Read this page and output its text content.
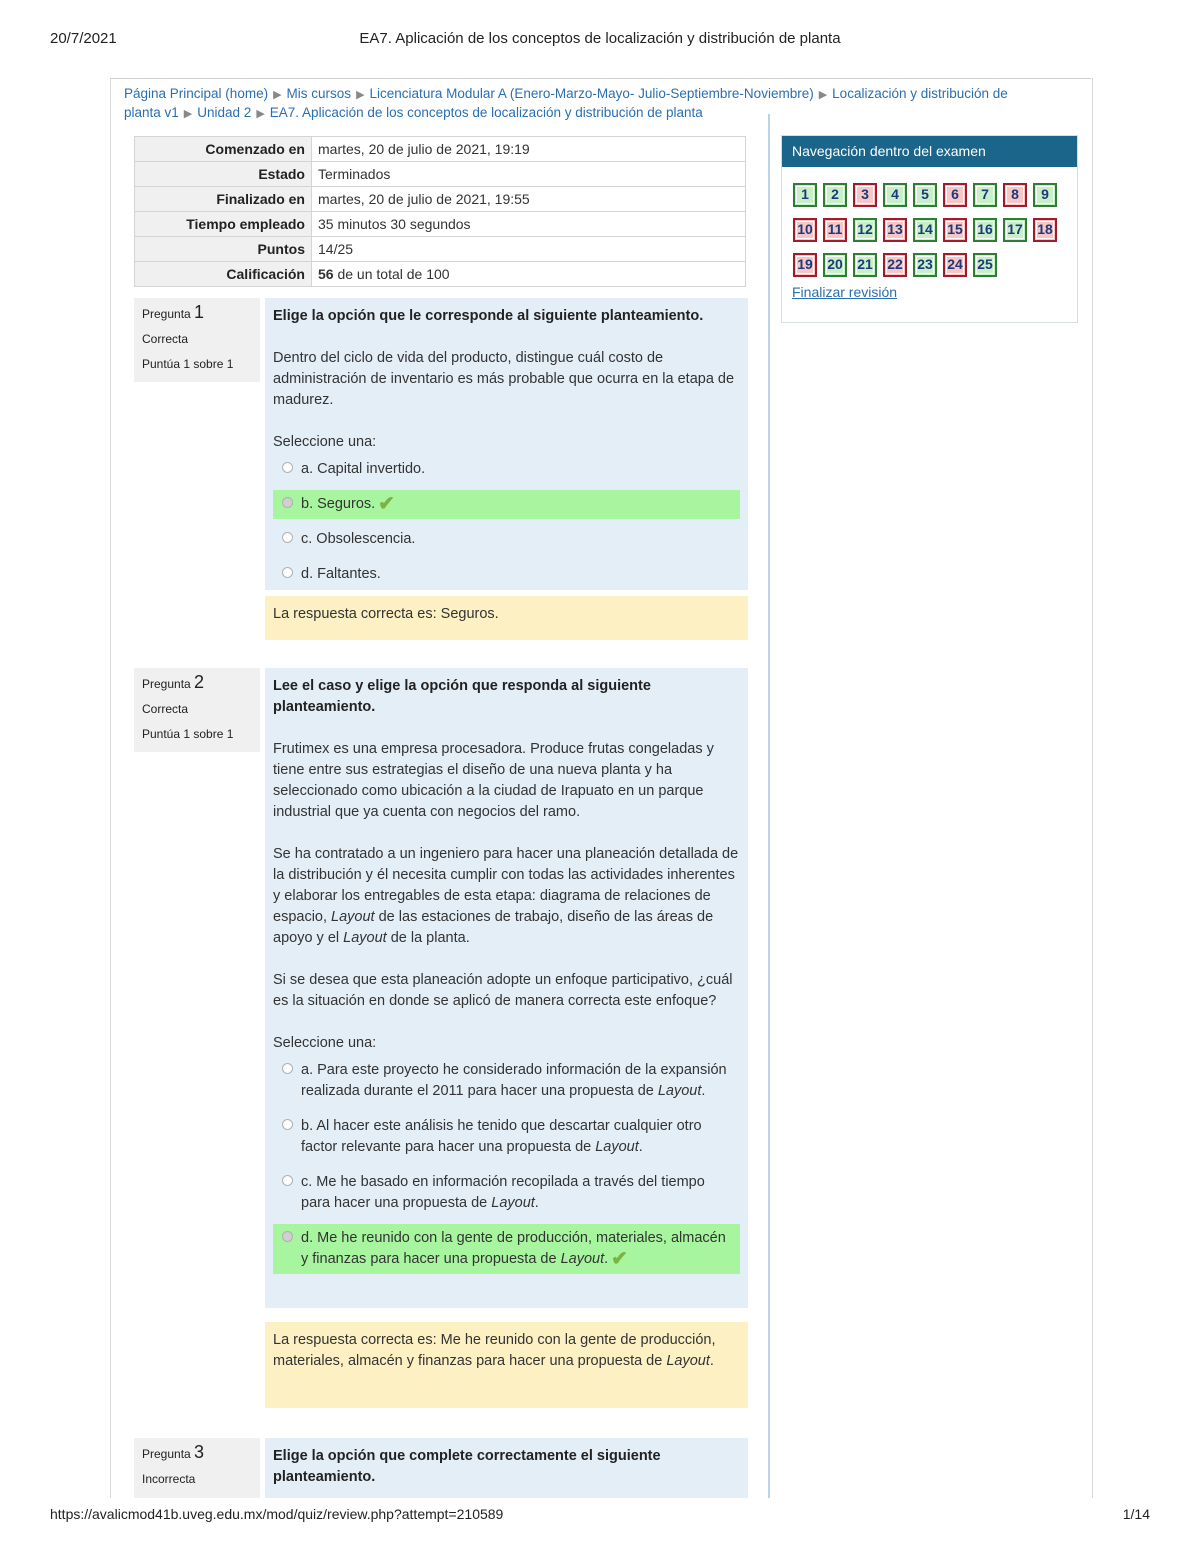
20/7/2021	EA7. Aplicación de los conceptos de localización y distribución de planta
Página Principal (home) ▶ Mis cursos ▶ Licenciatura Modular A (Enero-Marzo-Mayo- Julio-Septiembre-Noviembre) ▶ Localización y distribución de planta v1 ▶ Unidad 2 ▶ EA7. Aplicación de los conceptos de localización y distribución de planta
Comenzado en	martes, 20 de julio de 2021, 19:19
Estado	Terminados
Finalizado en	martes, 20 de julio de 2021, 19:55
Tiempo empleado	35 minutos 30 segundos
Puntos	14/25
Calificación	56 de un total de 100
Pregunta 1
Correcta
Puntúa 1 sobre 1

Elige la opción que le corresponde al siguiente planteamiento.

Dentro del ciclo de vida del producto, distingue cuál costo de administración de inventario es más probable que ocurra en la etapa de madurez.

Seleccione una:
a. Capital invertido.
b. Seguros. ✔
c. Obsolescencia.
d. Faltantes.
La respuesta correcta es: Seguros.
Pregunta 2
Correcta
Puntúa 1 sobre 1

Lee el caso y elige la opción que responda al siguiente planteamiento.

Frutimex es una empresa procesadora. Produce frutas congeladas y tiene entre sus estrategias el diseño de una nueva planta y ha seleccionado como ubicación a la ciudad de Irapuato en un parque industrial que ya cuenta con negocios del ramo.

Se ha contratado a un ingeniero para hacer una planeación detallada de la distribución y él necesita cumplir con todas las actividades inherentes y elaborar los entregables de esta etapa: diagrama de relaciones de espacio, Layout de las estaciones de trabajo, diseño de las áreas de apoyo y el Layout de la planta.

Si se desea que esta planeación adopte un enfoque participativo, ¿cuál es la situación en donde se aplicó de manera correcta este enfoque?

Seleccione una:
a. Para este proyecto he considerado información de la expansión realizada durante el 2011 para hacer una propuesta de Layout.
b. Al hacer este análisis he tenido que descartar cualquier otro factor relevante para hacer una propuesta de Layout.
c. Me he basado en información recopilada a través del tiempo para hacer una propuesta de Layout.
d. Me he reunido con la gente de producción, materiales, almacén y finanzas para hacer una propuesta de Layout. ✔
La respuesta correcta es: Me he reunido con la gente de producción, materiales, almacén y finanzas para hacer una propuesta de Layout.
Pregunta 3
Incorrecta

Elige la opción que complete correctamente el siguiente planteamiento.

Navegación dentro del examen
1	2	3	4	5	6	7	8	9
10	11	12	13	14	15	16	17	18
19	20	21	22	23	24	25
Finalizar revisión
https://avalicmod41b.uveg.edu.mx/mod/quiz/review.php?attempt=210589	1/14
